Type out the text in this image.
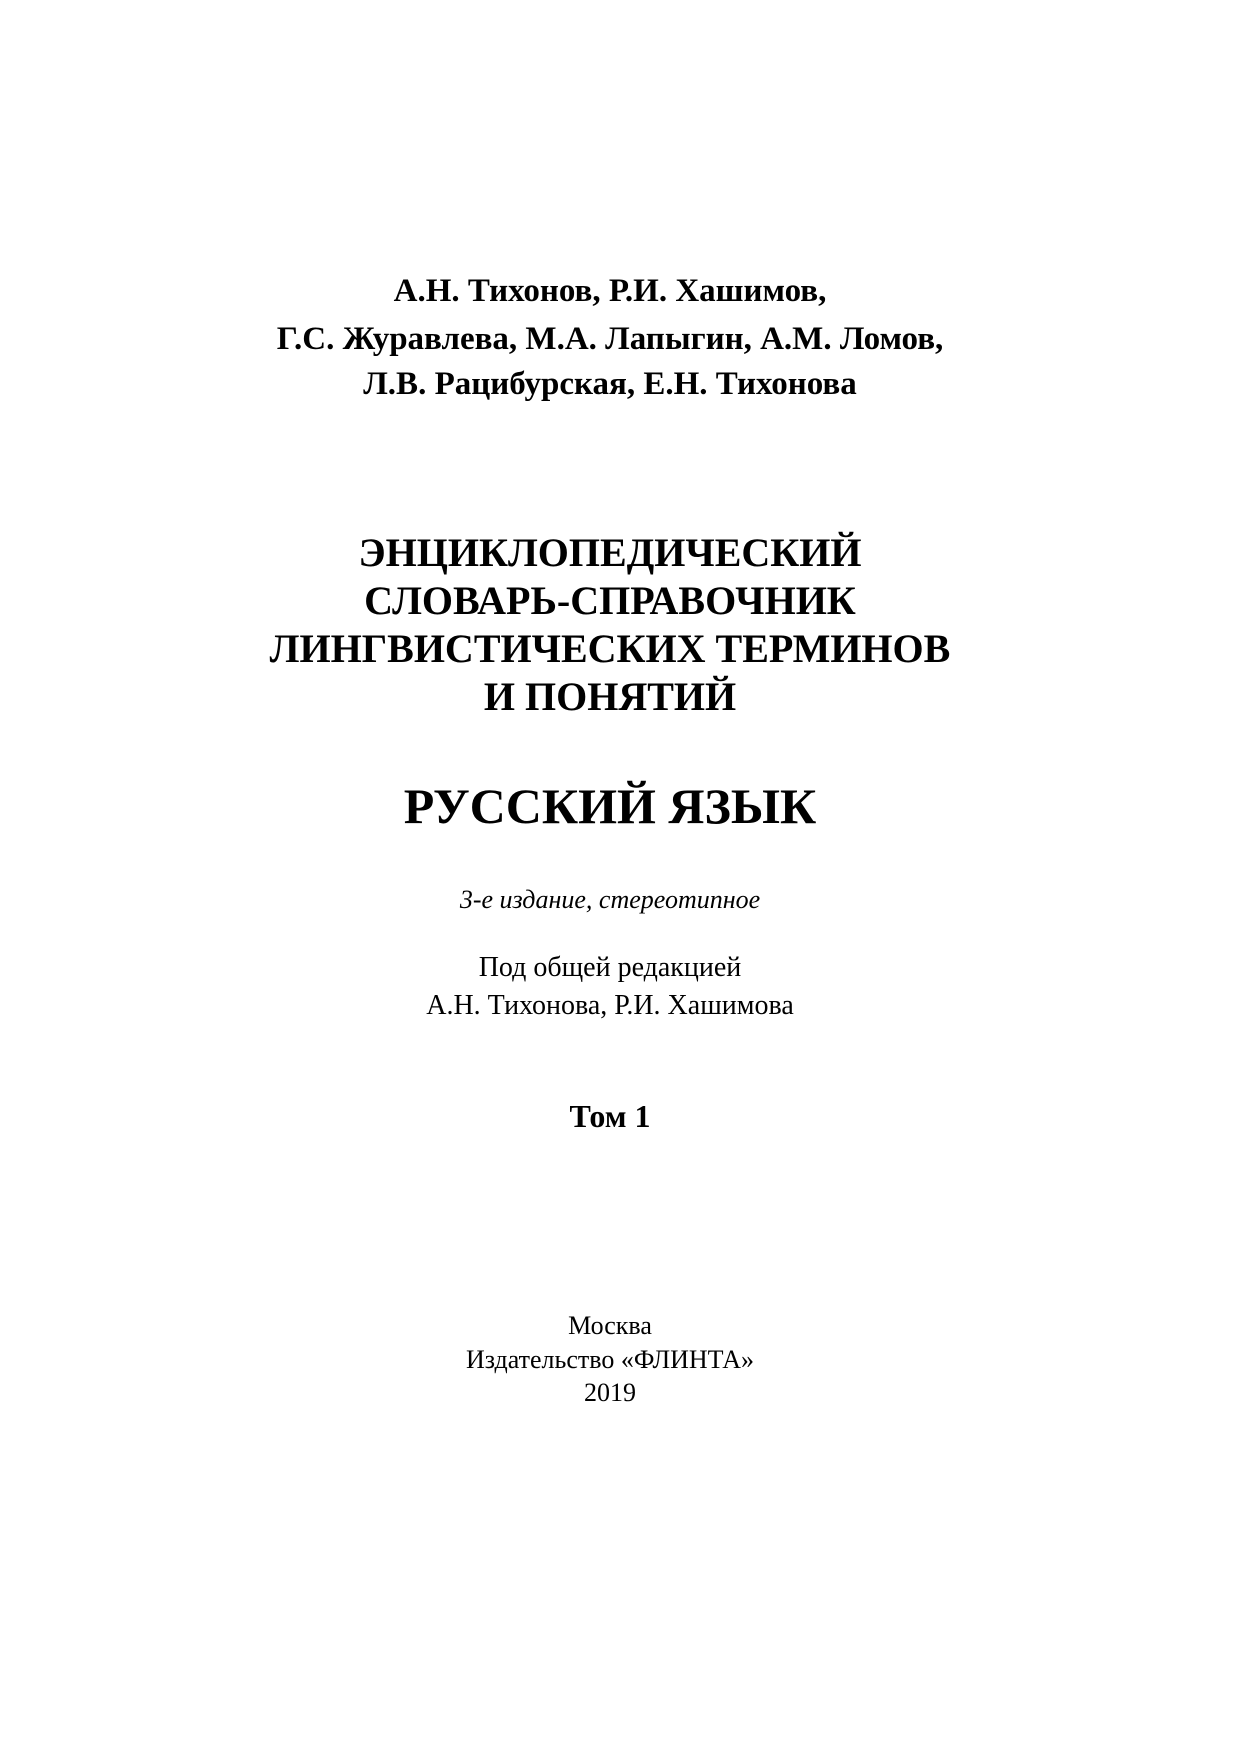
А.Н. Тихонов, Р.И. Хашимов,
Г.С. Журавлева, М.А. Лапыгин, А.М. Ломов,
Л.В. Рацибурская, Е.Н. Тихонова
ЭНЦИКЛОПЕДИЧЕСКИЙ
СЛОВАРЬ-СПРАВОЧНИК
ЛИНГВИСТИЧЕСКИХ ТЕРМИНОВ
И ПОНЯТИЙ
РУССКИЙ ЯЗЫК
3-е издание, стереотипное
Под общей редакцией
А.Н. Тихонова, Р.И. Хашимова
Том 1
Москва
Издательство «ФЛИНТА»
2019
